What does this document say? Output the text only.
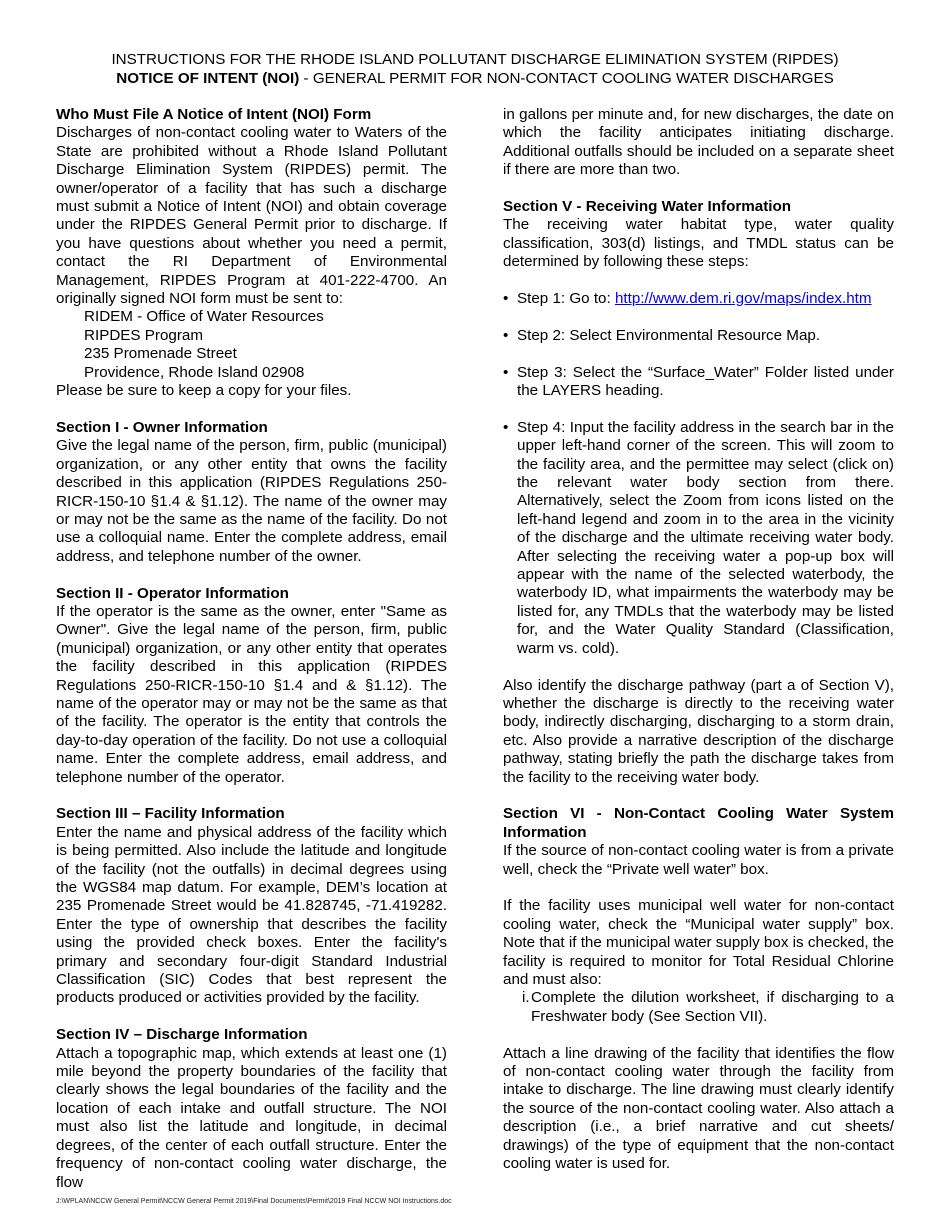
INSTRUCTIONS FOR THE RHODE ISLAND POLLUTANT DISCHARGE ELIMINATION SYSTEM (RIPDES)
NOTICE OF INTENT (NOI) - GENERAL PERMIT FOR NON-CONTACT COOLING WATER DISCHARGES

Who Must File A Notice of Intent (NOI) Form

Discharges of non-contact cooling water to Waters of the State are prohibited without a Rhode Island Pollutant Discharge Elimination System (RIPDES) permit. The owner/operator of a facility that has such a discharge must submit a Notice of Intent (NOI) and obtain coverage under the RIPDES General Permit prior to discharge. If you have questions about whether you need a permit, contact the RI Department of Environmental Management, RIPDES Program at 401-222-4700. An originally signed NOI form must be sent to:

RIDEM - Office of Water Resources

RIPDES Program

235 Promenade Street

Providence, Rhode Island 02908

Please be sure to keep a copy for your files.

Section I - Owner Information

Give the legal name of the person, firm, public (municipal) organization, or any other entity that owns the facility described in this application (RIPDES Regulations 250-RICR-150-10 §1.4 & §1.12). The name of the owner may or may not be the same as the name of the facility. Do not use a colloquial name. Enter the complete address, email address, and telephone number of the owner.

Section II - Operator Information

If the operator is the same as the owner, enter "Same as Owner". Give the legal name of the person, firm, public (municipal) organization, or any other entity that operates the facility described in this application (RIPDES Regulations 250-RICR-150-10 §1.4 and & §1.12). The name of the operator may or may not be the same as that of the facility. The operator is the entity that controls the day-to-day operation of the facility. Do not use a colloquial name. Enter the complete address, email address, and telephone number of the operator.

Section III – Facility Information

Enter the name and physical address of the facility which is being permitted. Also include the latitude and longitude of the facility (not the outfalls) in decimal degrees using the WGS84 map datum. For example, DEM’s location at 235 Promenade Street would be 41.828745, -71.419282. Enter the type of ownership that describes the facility using the provided check boxes. Enter the facility's primary and secondary four-digit Standard Industrial Classification (SIC) Codes that best represent the products produced or activities provided by the facility.

Section IV – Discharge Information

Attach a topographic map, which extends at least one (1) mile beyond the property boundaries of the facility that clearly shows the legal boundaries of the facility and the location of each intake and outfall structure. The NOI must also list the latitude and longitude, in decimal degrees, of the center of each outfall structure. Enter the frequency of non-contact cooling water discharge, the flow

in gallons per minute and, for new discharges, the date on which the facility anticipates initiating discharge. Additional outfalls should be included on a separate sheet if there are more than two.

Section V - Receiving Water Information

The receiving water habitat type, water quality classification, 303(d) listings, and TMDL status can be determined by following these steps:

• Step 1: Go to: http://www.dem.ri.gov/maps/index.htm
• Step 2: Select Environmental Resource Map.
• Step 3: Select the “Surface_Water” Folder listed under the LAYERS heading.
• Step 4: Input the facility address in the search bar in the upper left-hand corner of the screen. This will zoom to the facility area, and the permittee may select (click on) the relevant water body section from there. Alternatively, select the Zoom from icons listed on the left-hand legend and zoom in to the area in the vicinity of the discharge and the ultimate receiving water body. After selecting the receiving water a pop-up box will appear with the name of the selected waterbody, the waterbody ID, what impairments the waterbody may be listed for, any TMDLs that the waterbody may be listed for, and the Water Quality Standard (Classification, warm vs. cold).

Also identify the discharge pathway (part a of Section V), whether the discharge is directly to the receiving water body, indirectly discharging, discharging to a storm drain, etc. Also provide a narrative description of the discharge pathway, stating briefly the path the discharge takes from the facility to the receiving water body.

Section VI - Non-Contact Cooling Water System Information

If the source of non-contact cooling water is from a private well, check the “Private well water” box.

If the facility uses municipal well water for non-contact cooling water, check the “Municipal water supply” box. Note that if the municipal water supply box is checked, the facility is required to monitor for Total Residual Chlorine and must also:

i. Complete the dilution worksheet, if discharging to a Freshwater body (See Section VII).

Attach a line drawing of the facility that identifies the flow of non-contact cooling water through the facility from intake to discharge. The line drawing must clearly identify the source of the non-contact cooling water. Also attach a description (i.e., a brief narrative and cut sheets/ drawings) of the type of equipment that the non-contact cooling water is used for.

J:\WPLAN\NCCW General Permit\NCCW General Permit 2019\Final Documents\Permit\2019 Final NCCW NOI Instructions.doc
